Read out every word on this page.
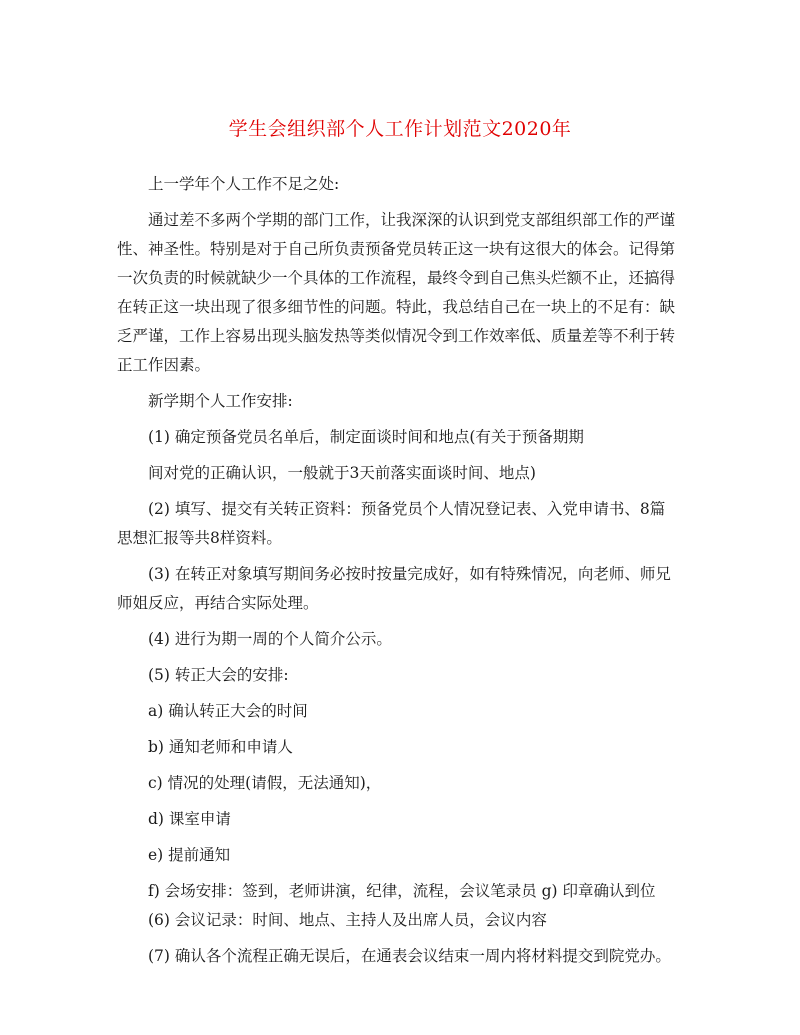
学生会组织部个人工作计划范文2020年

上一学年个人工作不足之处:

通过差不多两个学期的部门工作，让我深深的认识到党支部组织部工作的严谨性、神圣性。特别是对于自己所负责预备党员转正这一块有这很大的体会。记得第一次负责的时候就缺少一个具体的工作流程，最终令到自己焦头烂额不止，还搞得在转正这一块出现了很多细节性的问题。特此，我总结自己在一块上的不足有：缺乏严谨，工作上容易出现头脑发热等类似情况令到工作效率低、质量差等不利于转正工作因素。

新学期个人工作安排:

(1) 确定预备党员名单后，制定面谈时间和地点(有关于预备期期

间对党的正确认识，一般就于3天前落实面谈时间、地点)

(2) 填写、提交有关转正资料：预备党员个人情况登记表、入党申请书、8篇

思想汇报等共8样资料。

(3) 在转正对象填写期间务必按时按量完成好，如有特殊情况，向老师、师兄

师姐反应，再结合实际处理。

(4) 进行为期一周的个人简介公示。

(5) 转正大会的安排:

a) 确认转正大会的时间

b) 通知老师和申请人

c) 情况的处理(请假，无法通知)，

d) 课室申请

e) 提前通知

f) 会场安排：签到，老师讲演，纪律，流程，会议笔录员 g) 印章确认到位

(6) 会议记录：时间、地点、主持人及出席人员，会议内容

(7) 确认各个流程正确无误后，在通表会议结束一周内将材料提交到院党办。
